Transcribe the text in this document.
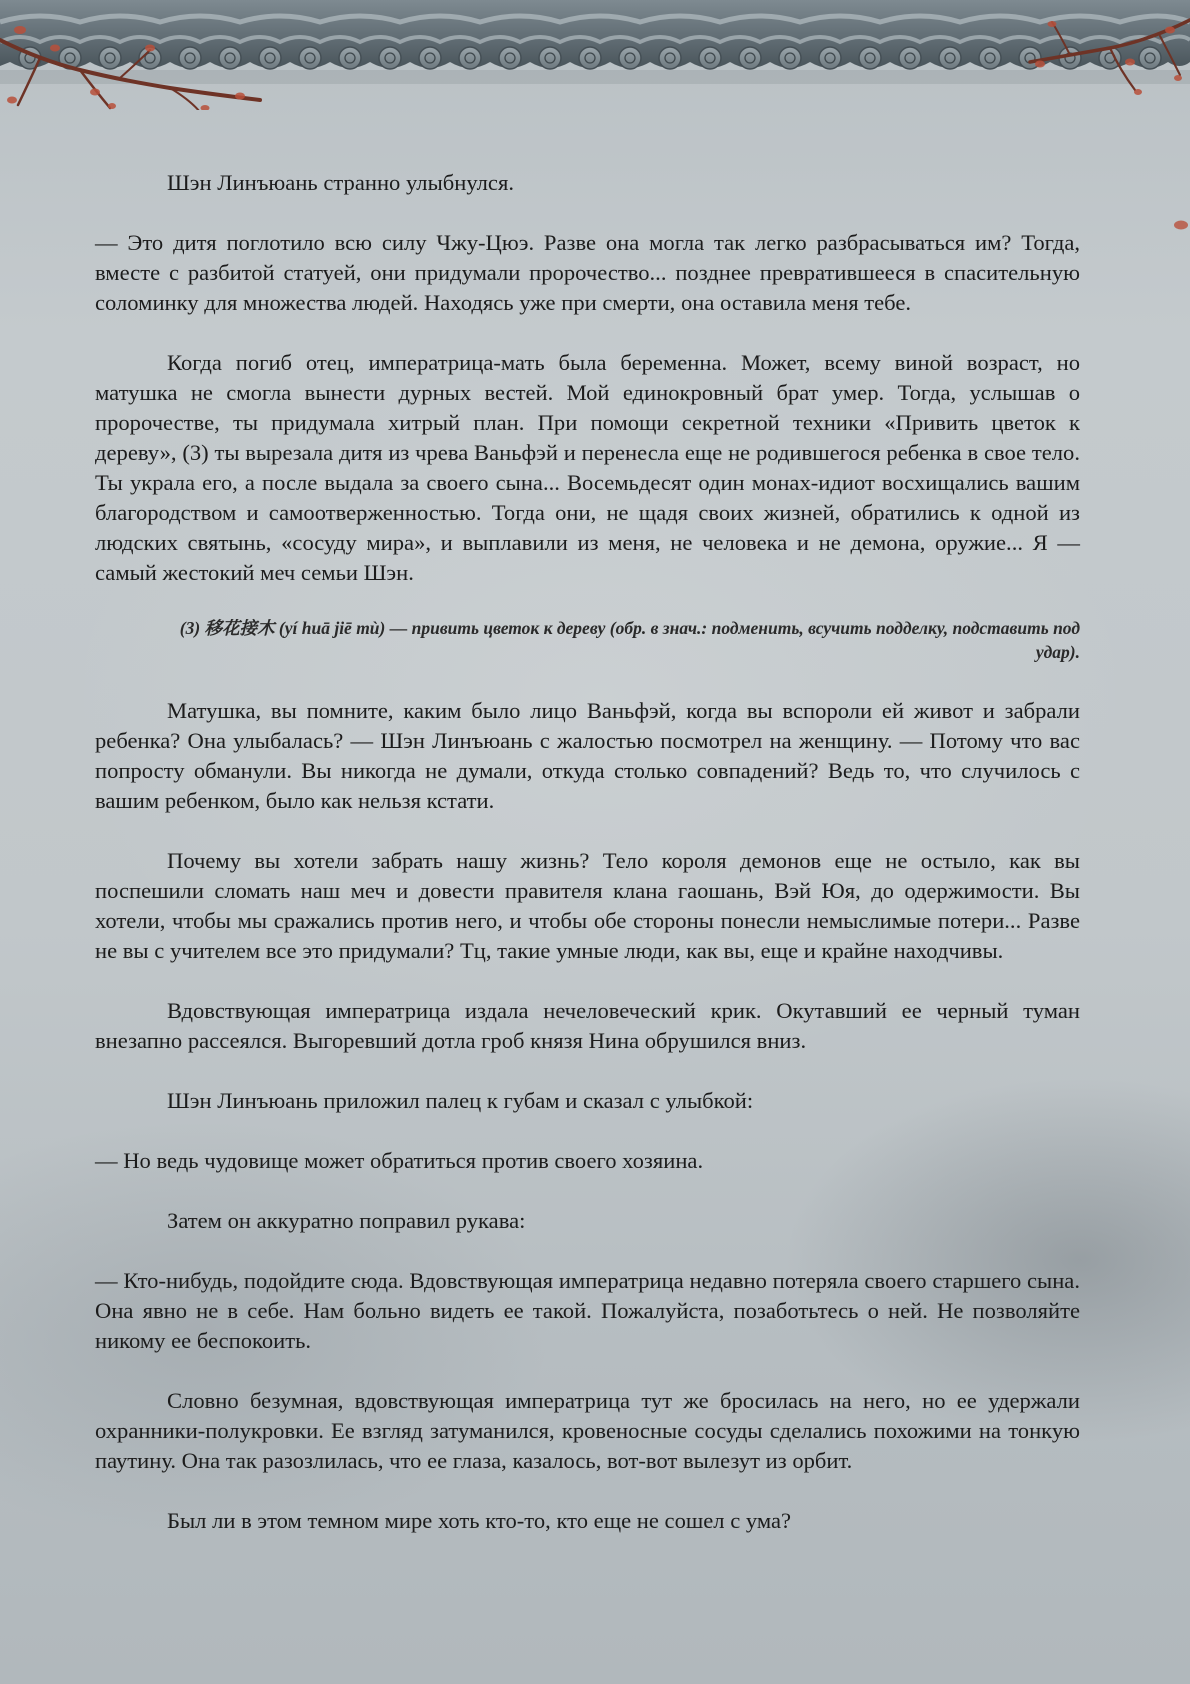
Шэн Линъюань странно улыбнулся.

— Это дитя поглотило всю силу Чжу-Цюэ. Разве она могла так легко разбрасываться им? Тогда, вместе с разбитой статуей, они придумали пророчество... позднее превратившееся в спасительную соломинку для множества людей. Находясь уже при смерти, она оставила меня тебе.

Когда погиб отец, императрица-мать была беременна. Может, всему виной возраст, но матушка не смогла вынести дурных вестей. Мой единокровный брат умер. Тогда, услышав о пророчестве, ты придумала хитрый план. При помощи секретной техники «Привить цветок к дереву», (3) ты вырезала дитя из чрева Ваньфэй и перенесла еще не родившегося ребенка в свое тело. Ты украла его, а после выдала за своего сына... Восемьдесят один монах-идиот восхищались вашим благородством и самоотверженностью. Тогда они, не щадя своих жизней, обратились к одной из людских святынь, «сосуду мира», и выплавили из меня, не человека и не демона, оружие... Я — самый жестокий меч семьи Шэн.

(3) 移花接木 (yí huā jiē mù) — привить цветок к дереву (обр. в знач.: подменить, всучить подделку, подставить под удар).

Матушка, вы помните, каким было лицо Ваньфэй, когда вы вспороли ей живот и забрали ребенка? Она улыбалась? — Шэн Линъюань с жалостью посмотрел на женщину. — Потому что вас попросту обманули. Вы никогда не думали, откуда столько совпадений? Ведь то, что случилось с вашим ребенком, было как нельзя кстати.

Почему вы хотели забрать нашу жизнь? Тело короля демонов еще не остыло, как вы поспешили сломать наш меч и довести правителя клана гаошань, Вэй Юя, до одержимости. Вы хотели, чтобы мы сражались против него, и чтобы обе стороны понесли немыслимые потери... Разве не вы с учителем все это придумали? Тц, такие умные люди, как вы, еще и крайне находчивы.

Вдовствующая императрица издала нечеловеческий крик. Окутавший ее черный туман внезапно рассеялся. Выгоревший дотла гроб князя Нина обрушился вниз.

Шэн Линъюань приложил палец к губам и сказал с улыбкой:

— Но ведь чудовище может обратиться против своего хозяина.

Затем он аккуратно поправил рукава:

— Кто-нибудь, подойдите сюда. Вдовствующая императрица недавно потеряла своего старшего сына. Она явно не в себе. Нам больно видеть ее такой. Пожалуйста, позаботьтесь о ней. Не позволяйте никому ее беспокоить.

Словно безумная, вдовствующая императрица тут же бросилась на него, но ее удержали охранники-полукровки. Ее взгляд затуманился, кровеносные сосуды сделались похожими на тонкую паутину. Она так разозлилась, что ее глаза, казалось, вот-вот вылезут из орбит.

Был ли в этом темном мире хоть кто-то, кто еще не сошел с ума?
